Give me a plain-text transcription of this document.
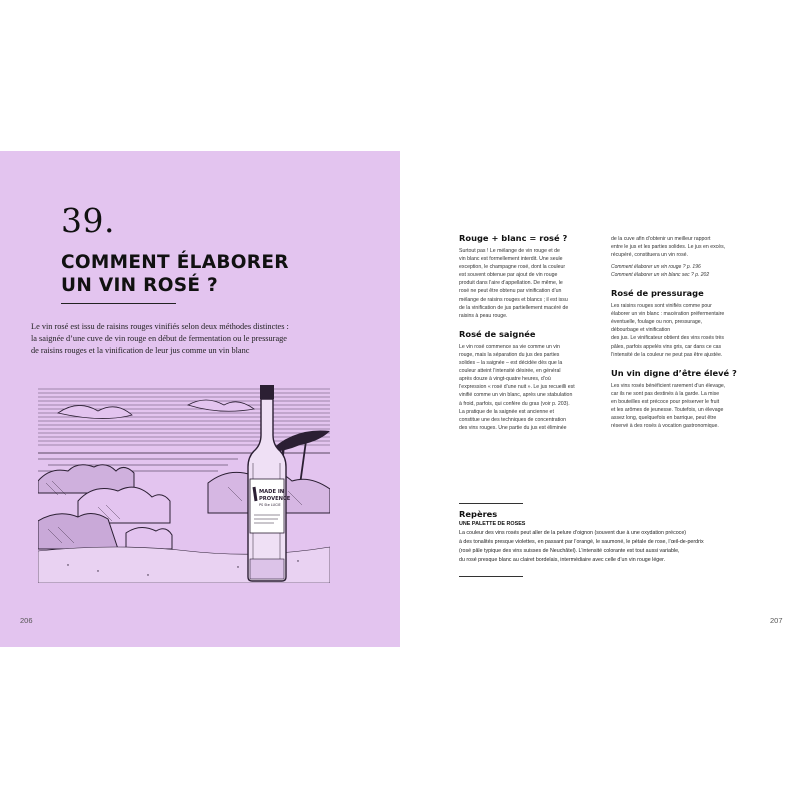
39.
COMMENT ÉLABORER
UN VIN ROSÉ ?
Le vin rosé est issu de raisins rouges vinifiés selon deux méthodes distinctes :
la saignée d’une cuve de vin rouge en début de fermentation ou le pressurage
de raisins rouges et la vinification de leur jus comme un vin blanc
MADE IN
PROVENCE
PS Ste LUCIE
206
Rouge + blanc = rosé ?
Surtout pas ! Le mélange de vin rouge et de
vin blanc est formellement interdit. Une seule
exception, le champagne rosé, dont la couleur
est souvent obtenue par ajout de vin rouge
produit dans l’aire d’appellation. De même, le
rosé ne peut être obtenu par vinification d’un
mélange de raisins rouges et blancs ; il est issu
de la vinification de jus partiellement macéré de
raisins à peau rouge.
Rosé de saignée
Le vin rosé commence sa vie comme un vin
rouge, mais la séparation du jus des parties
solides – la saignée – est décidée dès que la
couleur atteint l’intensité désirée, en général
après douze à vingt-quatre heures, d’où
l’expression « rosé d’une nuit ». Le jus recueilli est
vinifié comme un vin blanc, après une stabulation
à froid, parfois, qui confère du gras (voir p. 203).
La pratique de la saignée est ancienne et
constitue une des techniques de concentration
des vins rouges. Une partie du jus est éliminée
de la cuve afin d’obtenir un meilleur rapport
entre le jus et les parties solides. Le jus en excès,
récupéré, constituera un vin rosé.
Comment élaborer un vin rouge ? p. 196
Comment élaborer un vin blanc sec ? p. 202
Rosé de pressurage
Les raisins rouges sont vinifiés comme pour
élaborer un vin blanc : macération préfermentaire
éventuelle, foulage ou non, pressurage,
débourbage et vinification
des jus. Le vinificateur obtient des vins rosés très
pâles, parfois appelés vins gris, car dans ce cas
l’intensité de la couleur ne peut pas être ajustée.
Un vin digne d’être élevé ?
Les vins rosés bénéficient rarement d’un élevage,
car ils ne sont pas destinés à la garde. La mise
en bouteilles est précoce pour préserver le fruit
et les arômes de jeunesse. Toutefois, un élevage
assez long, quelquefois en barrique, peut être
réservé à des rosés à vocation gastronomique.
Repères
UNE PALETTE DE ROSES
La couleur des vins rosés peut aller de la pelure d’oignon (souvent due à une oxydation précoce)
à des tonalités presque violettes, en passant par l’orangé, le saumoné, le pétale de rose, l’œil-de-perdrix
(rosé pâle typique des vins suisses de Neuchâtel). L’intensité colorante est tout aussi variable,
du rosé presque blanc au clairet bordelais, intermédiaire avec celle d’un vin rouge léger.
207
